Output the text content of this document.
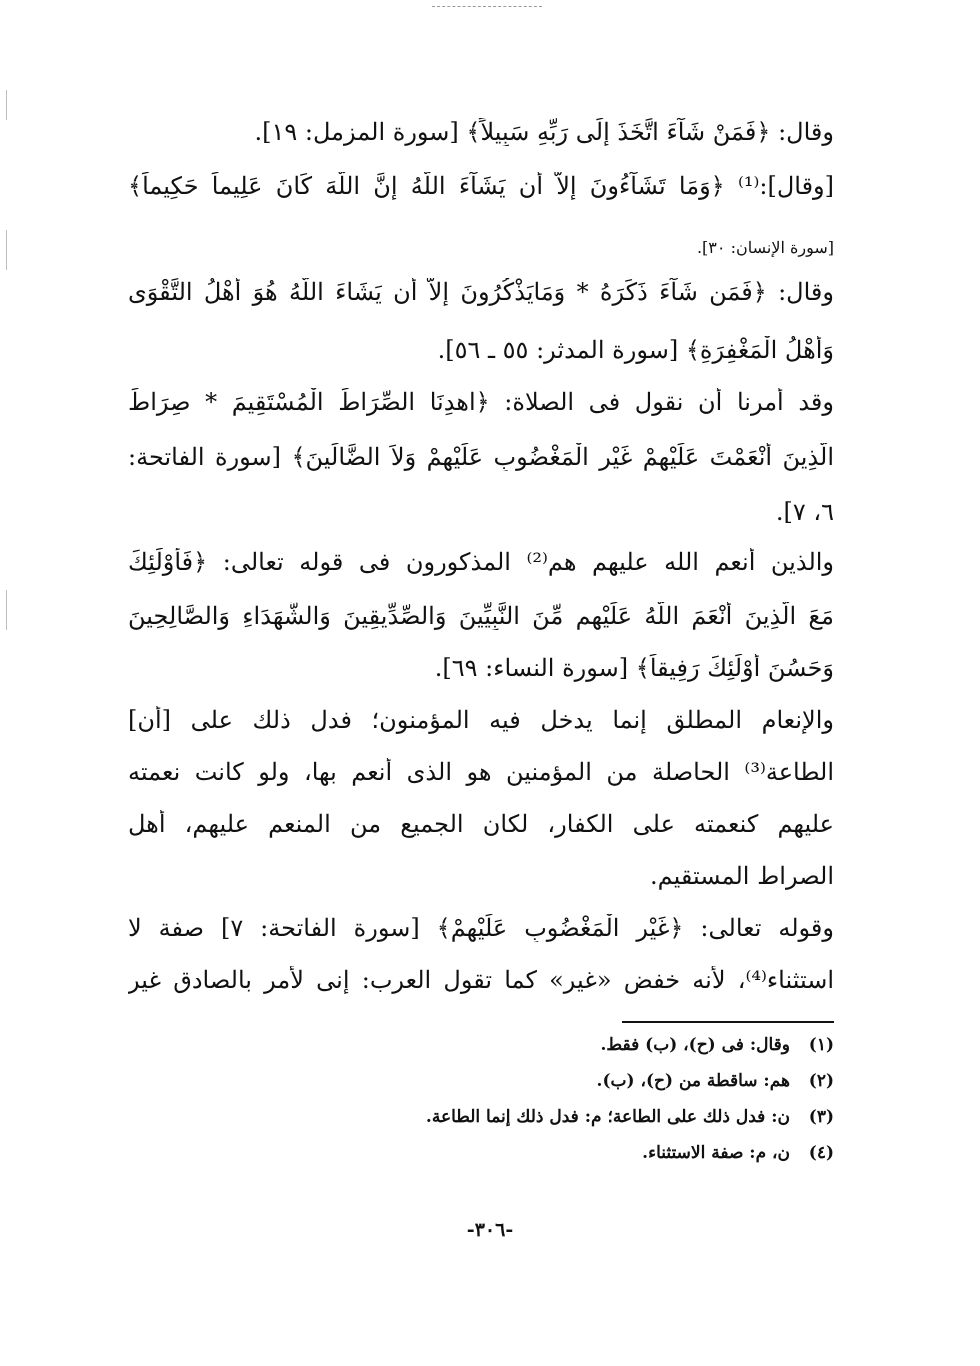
وقال: ﴿فَمَنْ شَآءَ اتَّخَذَ إِلَى رَبِّهِ سَبِيلاً﴾ [سورة المزمل: ١٩].
[وقال]:⁽¹⁾ ﴿وَمَا تَشَآءُونَ إِلاَّ أَن يَشَآءَ اللَّهُ إِنَّ اللَّهَ كَانَ عَلِيماً حَكِيماً﴾
[سورة الإنسان: ٣٠].
وقال: ﴿فَمَن شَآءَ ذَكَرَهُ * وَمَايَذْكُرُونَ إِلاَّ أَن يَشَاءَ اللَّهُ هُوَ أَهْلُ التَّقْوَى
وَأَهْلُ الْمَغْفِرَةِ﴾ [سورة المدثر: ٥٥ ـ ٥٦].
وقد أمرنا أن نقول فى الصلاة: ﴿اهدِنَا الصِّرَاطَ الْمُسْتَقِيمَ * صِرَاطَ
الَّذِينَ أَنْعَمْتَ عَلَيْهِمْ غَيْرِ الْمَغْضُوبِ عَلَيْهِمْ وَلاَ الضَّالِّينَ﴾ [سورة الفاتحة:
٦، ٧].
والذين أنعم الله عليهم هم⁽²⁾ المذكورون فى قوله تعالى: ﴿فَأُوْلَئِكَ
مَعَ الَّذِينَ أَنْعَمَ اللَّهُ عَلَيْهِم مِّنَ النَّبِيِّينَ وَالصِّدِّيقِينَ وَالشُّهَدَاءِ وَالصَّالِحِينَ
وَحَسُنَ أُوْلَئِكَ رَفِيقاً﴾ [سورة النساء: ٦٩].
والإنعام المطلق إنما يدخل فيه المؤمنون؛ فدل ذلك على [أن]
الطاعة⁽³⁾ الحاصلة من المؤمنين هو الذى أنعم بها، ولو كانت نعمته
عليهم كنعمته على الكفار، لكان الجميع من المنعم عليهم، أهل
الصراط المستقيم.
وقوله تعالى: ﴿غَيْرِ الْمَغْضُوبِ عَلَيْهِمْ﴾ [سورة الفاتحة: ٧] صفة لا
استثناء⁽⁴⁾، لأنه خفض «غير» كما تقول العرب: إنى لأمر بالصادق غير
(١)
وقال: فى (ح)، (ب) فقط.
(٢)
هم: ساقطة من (ح)، (ب).
(٣)
ن: فدل ذلك على الطاعة؛ م: فدل ذلك إنما الطاعة.
(٤)
ن، م: صفة الاستثناء.
-٣٠٦-
